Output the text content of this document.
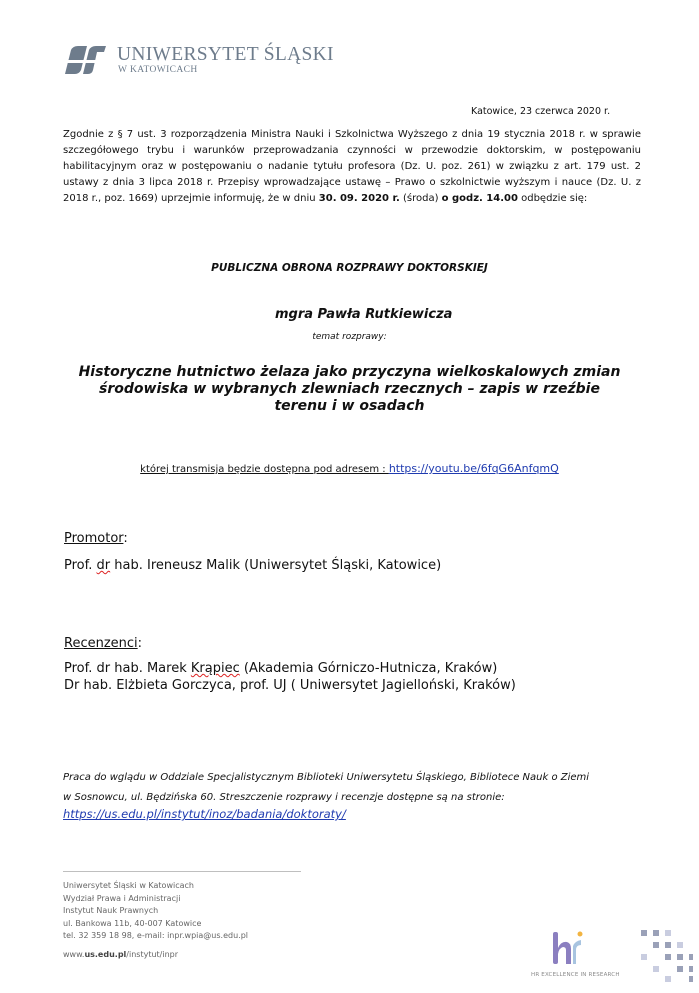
UNIWERSYTET ŚLĄSKI
W KATOWICACH
Katowice, 23 czerwca 2020 r.
Zgodnie z § 7 ust. 3 rozporządzenia Ministra Nauki i Szkolnictwa Wyższego z dnia 19 stycznia 2018 r. w sprawie szczegółowego trybu i warunków przeprowadzania czynności w przewodzie doktorskim, w postępowaniu habilitacyjnym oraz w postępowaniu o nadanie tytułu profesora (Dz. U. poz. 261) w związku z art. 179 ust. 2 ustawy z dnia 3 lipca 2018 r. Przepisy wprowadzające ustawę – Prawo o szkolnictwie wyższym i nauce (Dz. U. z 2018 r., poz. 1669) uprzejmie informuję, że w dniu 30. 09. 2020 r. (środa) o godz. 14.00 odbędzie się:
PUBLICZNA OBRONA ROZPRAWY DOKTORSKIEJ
mgra Pawła Rutkiewicza
temat rozprawy:
Historyczne hutnictwo żelaza jako przyczyna wielkoskalowych zmian
środowiska w wybranych zlewniach rzecznych – zapis w rzeźbie
terenu i w osadach
której transmisja będzie dostępna pod adresem : https://youtu.be/6fqG6AnfqmQ
Promotor:
Prof. dr hab. Ireneusz Malik (Uniwersytet Śląski, Katowice)
Recenzenci:
Prof. dr hab. Marek Krąpiec (Akademia Górniczo-Hutnicza, Kraków)
Dr hab. Elżbieta Gorczyca, prof. UJ ( Uniwersytet Jagielloński, Kraków)
Praca do wglądu w Oddziale Specjalistycznym Biblioteki Uniwersytetu Śląskiego, Bibliotece Nauk o Ziemi
w Sosnowcu, ul. Będzińska 60. Streszczenie rozprawy i recenzje dostępne są na stronie:
https://us.edu.pl/instytut/inoz/badania/doktoraty/
Uniwersytet Śląski w Katowicach
Wydział Prawa i Administracji
Instytut Nauk Prawnych
ul. Bankowa 11b, 40-007 Katowice
tel. 32 359 18 98, e-mail: inpr.wpia@us.edu.pl
www.us.edu.pl/instytut/inpr
HR EXCELLENCE IN RESEARCH
